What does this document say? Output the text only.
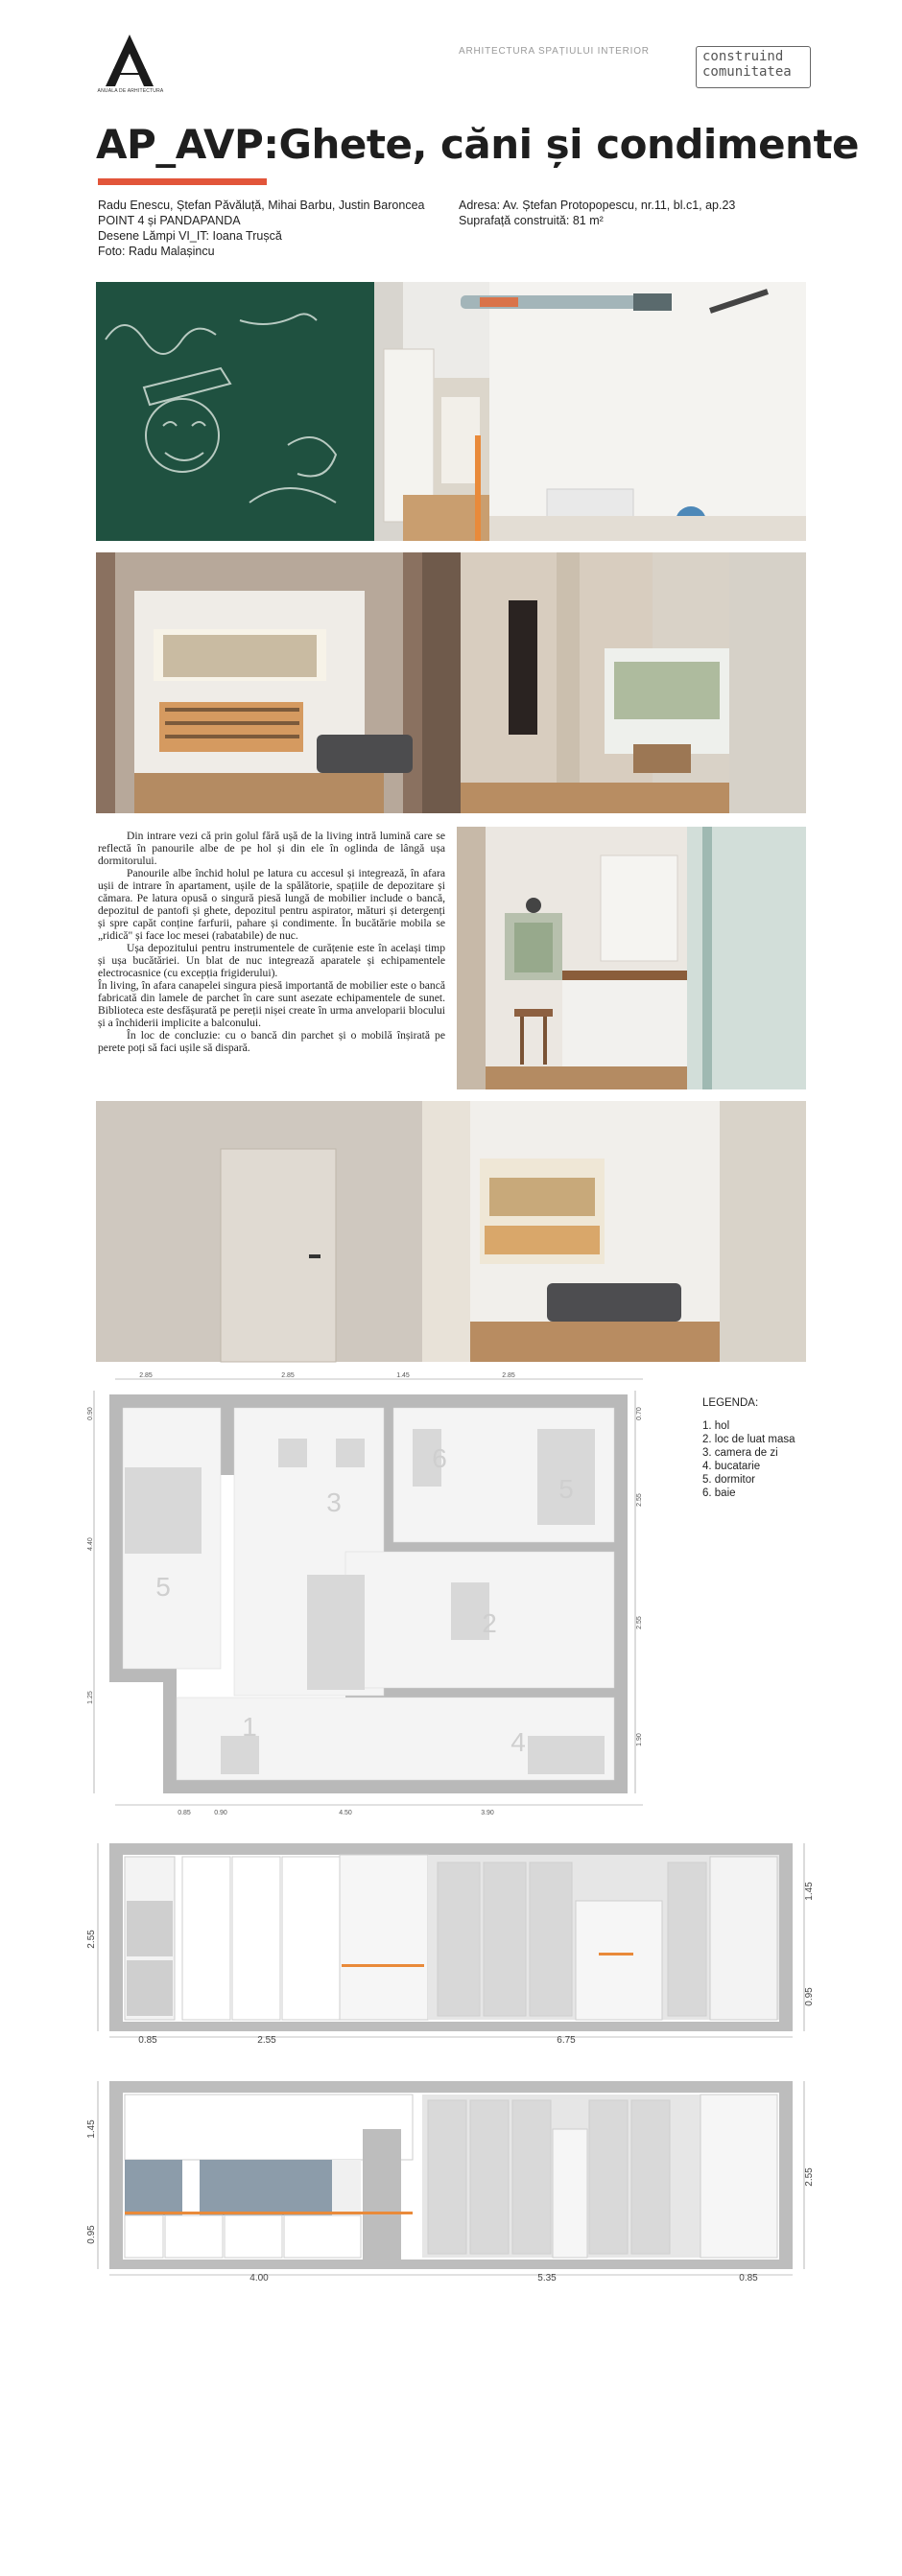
ANUALA DE ARHITECTURA
ARHITECTURA SPAȚIULUI INTERIOR	construind
comunitatea
AP_AVP:Ghete, căni și condimente
Radu Enescu, Ștefan Păvăluță, Mihai Barbu, Justin Baroncea
POINT 4 și PANDAPANDA
Desene Lămpi VI_IT: Ioana Trușcă
Foto: Radu Malașincu
Adresa: Av. Ștefan Protopopescu, nr.11, bl.c1, ap.23
Suprafață construită: 81 m²

Din intrare vezi că prin golul fără ușă de la living intră lumină care se reflectă în panourile albe de pe hol și din ele în oglinda de lângă ușa dormitorului.

Panourile albe închid holul pe latura cu accesul și integrează, în afara ușii de intrare în apartament, ușile de la spălătorie, spațiile de depozitare și cămara. Pe latura opusă o singură piesă lungă de mobilier include o bancă, depozitul de pantofi și ghete, depozitul pentru aspirator, mături și detergenți și spre capăt conține farfurii, pahare și condimente. În bucătărie mobila se „ridică" și face loc mesei (rabatabile) de nuc.

Ușa depozitului pentru instrumentele de curățenie este în același timp și ușa bucătăriei. Un blat de nuc integrează aparatele și echipamentele electrocasnice (cu excepția frigiderului).

În living, în afara canapelei singura piesă importantă de mobilier este o bancă fabricată din lamele de parchet în care sunt asezate echipamentele de sunet. Biblioteca este desfășurată pe pereții nișei create în urma anveloparii blocului și a închiderii implicite a balconului.

În loc de concluzie: cu o bancă din parchet și o mobilă înșirată pe perete poți să faci ușile să dispară.

2.85	2.85	1.45	2.85
0.85	0.90	4.50	3.90
0.90
4.40
1.25
0.70
2.55
2.55
1.90
1
2
3
4
5
5
6
LEGENDA:
1. hol
2. loc de luat masa
3. camera de zi
4. bucatarie
5. dormitor
6. baie
2.55
1.45
0.95
0.85	2.55	6.75
1.45
0.95
2.55
4.00	5.35	0.85
